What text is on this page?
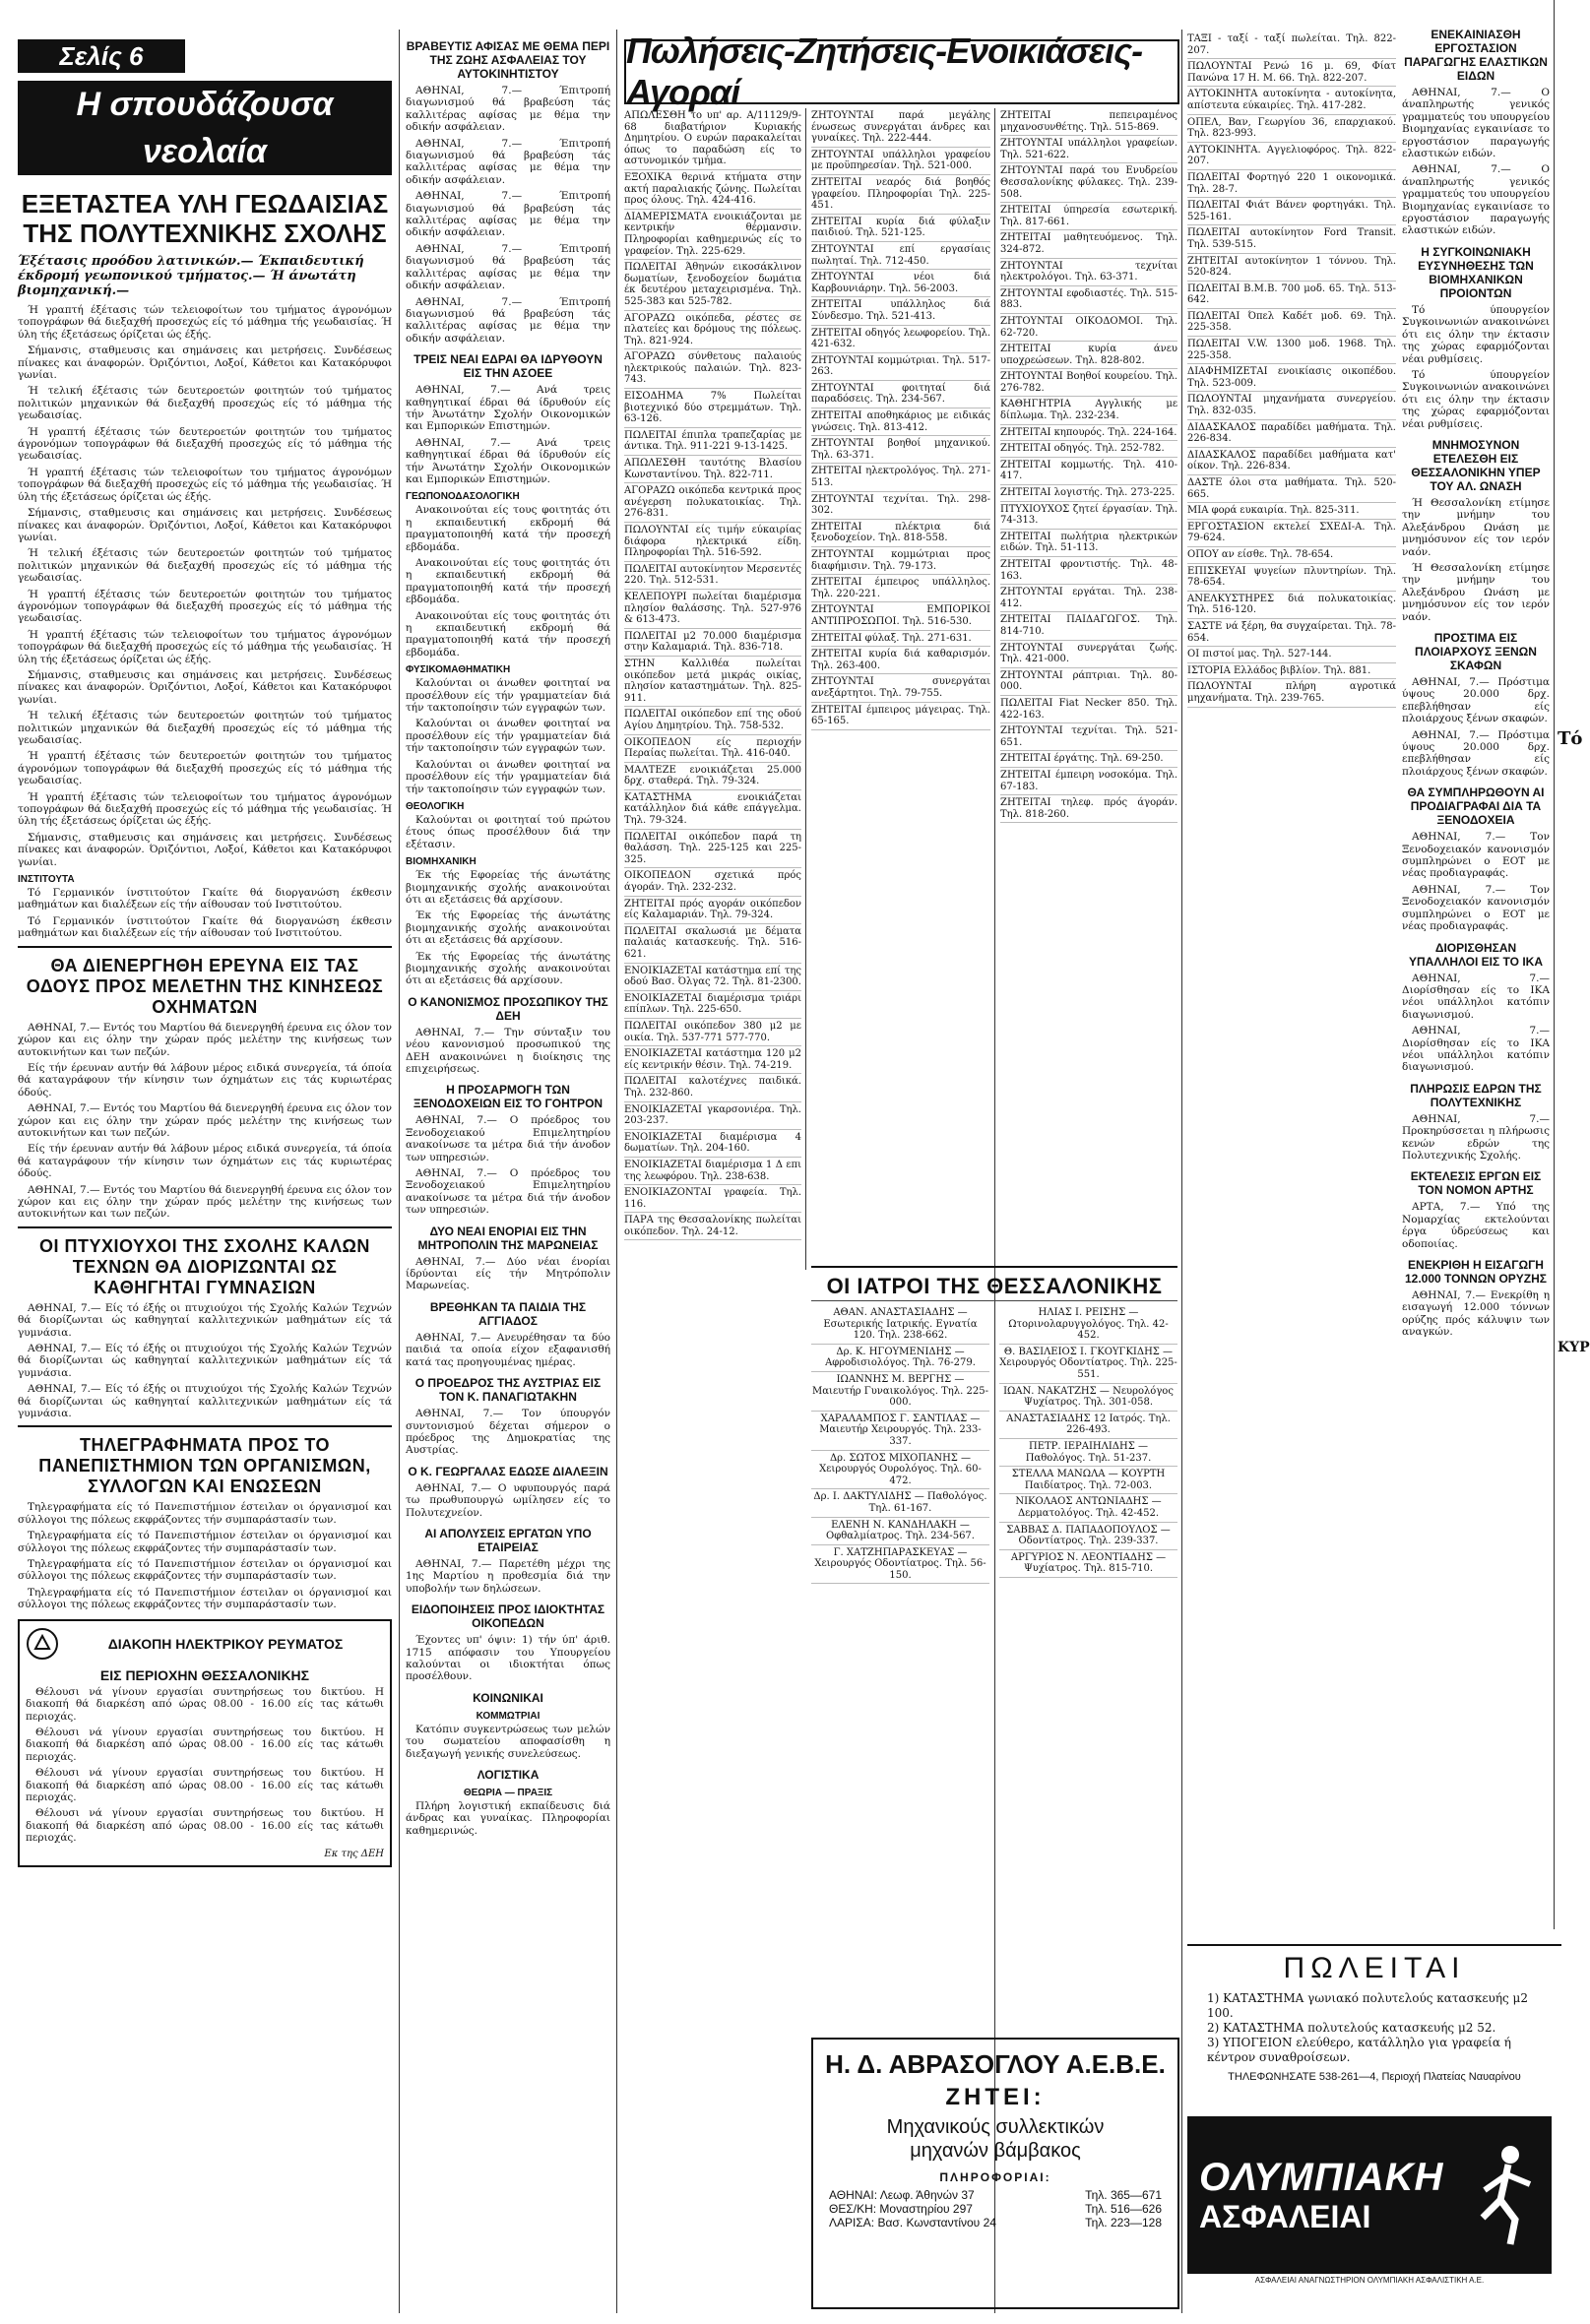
Σελίς 6
Η σπουδάζουσα νεολαία
ΕΞΕΤΑΣΤΕΑ ΥΛΗ ΓΕΩΔΑΙΣΙΑΣ ΤΗΣ ΠΟΛΥΤΕΧΝΙΚΗΣ ΣΧΟΛΗΣ
Έξέτασις προόδου λατινικών.— Έκπαιδευτική έκδρομή γεωπονικού τμήματος.— Ή άνωτάτη βιομηχανική.—

Ή γραπτή έξέτασις τών τελειοφοίτων του τμήματος άγρονόμων τοπογράφων θά διεξαχθή προσεχώς είς τό μάθημα τής γεωδαισίας. Ή ύλη τής έξετάσεως όρίζεται ώς έξής.

Σήμανσις, σταθμευσις και σημάνσεις και μετρήσεις. Συνδέσεως πίνακες και άναφορών. Όριζόντιοι, Λοξοί, Κάθετοι και Κατακόρυφοι γωνίαι.

Ή τελική έξέτασις τών δευτεροετών φοιτητών τού τμήματος πολιτικών μηχανικών θά διεξαχθή προσεχώς είς τό μάθημα τής γεωδαισίας.

Ή γραπτή έξέτασις τών δευτεροετών φοιτητών του τμήματος άγρονόμων τοπογράφων θά διεξαχθή προσεχώς είς τό μάθημα τής γεωδαισίας.

Ή γραπτή έξέτασις τών τελειοφοίτων του τμήματος άγρονόμων τοπογράφων θά διεξαχθή προσεχώς είς τό μάθημα τής γεωδαισίας. Ή ύλη τής έξετάσεως όρίζεται ώς έξής.

Σήμανσις, σταθμευσις και σημάνσεις και μετρήσεις. Συνδέσεως πίνακες και άναφορών. Όριζόντιοι, Λοξοί, Κάθετοι και Κατακόρυφοι γωνίαι.

Ή τελική έξέτασις τών δευτεροετών φοιτητών τού τμήματος πολιτικών μηχανικών θά διεξαχθή προσεχώς είς τό μάθημα τής γεωδαισίας.

Ή γραπτή έξέτασις τών δευτεροετών φοιτητών του τμήματος άγρονόμων τοπογράφων θά διεξαχθή προσεχώς είς τό μάθημα τής γεωδαισίας.

Ή γραπτή έξέτασις τών τελειοφοίτων του τμήματος άγρονόμων τοπογράφων θά διεξαχθή προσεχώς είς τό μάθημα τής γεωδαισίας. Ή ύλη τής έξετάσεως όρίζεται ώς έξής.

Σήμανσις, σταθμευσις και σημάνσεις και μετρήσεις. Συνδέσεως πίνακες και άναφορών. Όριζόντιοι, Λοξοί, Κάθετοι και Κατακόρυφοι γωνίαι.

Ή τελική έξέτασις τών δευτεροετών φοιτητών τού τμήματος πολιτικών μηχανικών θά διεξαχθή προσεχώς είς τό μάθημα τής γεωδαισίας.

Ή γραπτή έξέτασις τών δευτεροετών φοιτητών του τμήματος άγρονόμων τοπογράφων θά διεξαχθή προσεχώς είς τό μάθημα τής γεωδαισίας.

Ή γραπτή έξέτασις τών τελειοφοίτων του τμήματος άγρονόμων τοπογράφων θά διεξαχθή προσεχώς είς τό μάθημα τής γεωδαισίας. Ή ύλη τής έξετάσεως όρίζεται ώς έξής.

Σήμανσις, σταθμευσις και σημάνσεις και μετρήσεις. Συνδέσεως πίνακες και άναφορών. Όριζόντιοι, Λοξοί, Κάθετοι και Κατακόρυφοι γωνίαι.

ΙΝΣΤΙΤΟΥΤΑ

Τό Γερμανικόν ίνστιτούτον Γκαίτε θά διοργανώση έκθεσιν μαθημάτων και διαλέξεων είς τήν αίθουσαν τού Ινστιτούτου.

Τό Γερμανικόν ίνστιτούτον Γκαίτε θά διοργανώση έκθεσιν μαθημάτων και διαλέξεων είς τήν αίθουσαν τού Ινστιτούτου.

ΘΑ ΔΙΕΝΕΡΓΗΘΗ ΕΡΕΥΝΑ ΕΙΣ ΤΑΣ ΟΔΟΥΣ ΠΡΟΣ ΜΕΛΕΤΗΝ ΤΗΣ ΚΙΝΗΣΕΩΣ ΟΧΗΜΑΤΩΝ

ΑΘΗΝΑΙ, 7.— Εντός του Μαρτίου θά διενεργηθή έρευνα εις όλον τον χώρον και εις όλην την χώραν πρός μελέτην της κινήσεως των αυτοκινήτων και των πεζών.

Είς τήν έρευναν αυτήν θά λάβουν μέρος ειδικά συνεργεία, τά όποία θά καταγράφουν τήν κίνησιν των όχημάτων εις τάς κυριωτέρας όδούς.

ΑΘΗΝΑΙ, 7.— Εντός του Μαρτίου θά διενεργηθή έρευνα εις όλον τον χώρον και εις όλην την χώραν πρός μελέτην της κινήσεως των αυτοκινήτων και των πεζών.

Είς τήν έρευναν αυτήν θά λάβουν μέρος ειδικά συνεργεία, τά όποία θά καταγράφουν τήν κίνησιν των όχημάτων εις τάς κυριωτέρας όδούς.

ΑΘΗΝΑΙ, 7.— Εντός του Μαρτίου θά διενεργηθή έρευνα εις όλον τον χώρον και εις όλην την χώραν πρός μελέτην της κινήσεως των αυτοκινήτων και των πεζών.

ΟΙ ΠΤΥΧΙΟΥΧΟΙ ΤΗΣ ΣΧΟΛΗΣ ΚΑΛΩΝ ΤΕΧΝΩΝ ΘΑ ΔΙΟΡΙΖΩΝΤΑΙ ΩΣ ΚΑΘΗΓΗΤΑΙ ΓΥΜΝΑΣΙΩΝ

ΑΘΗΝΑΙ, 7.— Είς τό έξής οι πτυχιούχοι τής Σχολής Καλών Τεχνών θά διορίζωνται ώς καθηγηταί καλλιτεχνικών μαθημάτων είς τά γυμνάσια.

ΑΘΗΝΑΙ, 7.— Είς τό έξής οι πτυχιούχοι τής Σχολής Καλών Τεχνών θά διορίζωνται ώς καθηγηταί καλλιτεχνικών μαθημάτων είς τά γυμνάσια.

ΑΘΗΝΑΙ, 7.— Είς τό έξής οι πτυχιούχοι τής Σχολής Καλών Τεχνών θά διορίζωνται ώς καθηγηταί καλλιτεχνικών μαθημάτων είς τά γυμνάσια.

ΤΗΛΕΓΡΑΦΗΜΑΤΑ ΠΡΟΣ ΤΟ ΠΑΝΕΠΙΣΤΗΜΙΟΝ ΤΩΝ ΟΡΓΑΝΙΣΜΩΝ, ΣΥΛΛΟΓΩΝ ΚΑΙ ΕΝΩΣΕΩΝ

Τηλεγραφήματα είς τό Πανεπιστήμιον έστειλαν οι όργανισμοί και σύλλογοι της πόλεως εκφράζοντες τήν συμπαράστασίν των.

Τηλεγραφήματα είς τό Πανεπιστήμιον έστειλαν οι όργανισμοί και σύλλογοι της πόλεως εκφράζοντες τήν συμπαράστασίν των.

Τηλεγραφήματα είς τό Πανεπιστήμιον έστειλαν οι όργανισμοί και σύλλογοι της πόλεως εκφράζοντες τήν συμπαράστασίν των.

Τηλεγραφήματα είς τό Πανεπιστήμιον έστειλαν οι όργανισμοί και σύλλογοι της πόλεως εκφράζοντες τήν συμπαράστασίν των.

ΔΙΑΚΟΠΗ ΗΛΕΚΤΡΙΚΟΥ ΡΕΥΜΑΤΟΣ
ΕΙΣ ΠΕΡΙΟΧΗΝ ΘΕΣΣΑΛΟΝΙΚΗΣ

Θέλουσι νά γίνουν εργασίαι συντηρήσεως του δικτύου. Η διακοπή θά διαρκέση από ώρας 08.00 - 16.00 είς τας κάτωθι περιοχάς.

Θέλουσι νά γίνουν εργασίαι συντηρήσεως του δικτύου. Η διακοπή θά διαρκέση από ώρας 08.00 - 16.00 είς τας κάτωθι περιοχάς.

Θέλουσι νά γίνουν εργασίαι συντηρήσεως του δικτύου. Η διακοπή θά διαρκέση από ώρας 08.00 - 16.00 είς τας κάτωθι περιοχάς.

Θέλουσι νά γίνουν εργασίαι συντηρήσεως του δικτύου. Η διακοπή θά διαρκέση από ώρας 08.00 - 16.00 είς τας κάτωθι περιοχάς.

Εκ της ΔΕΗ
ΒΡΑΒΕΥΤΙΣ ΑΦΙΣΑΣ ΜΕ ΘΕΜΑ ΠΕΡΙ ΤΗΣ ΖΩΗΣ ΑΣΦΑΛΕΙΑΣ ΤΟΥ ΑΥΤΟΚΙΝΗΤΙΣΤΟΥ

ΑΘΗΝΑΙ, 7.— Έπιτροπή διαγωνισμού θά βραβεύση τάς καλλιτέρας αφίσας με θέμα την οδικήν ασφάλειαν.

ΑΘΗΝΑΙ, 7.— Έπιτροπή διαγωνισμού θά βραβεύση τάς καλλιτέρας αφίσας με θέμα την οδικήν ασφάλειαν.

ΑΘΗΝΑΙ, 7.— Έπιτροπή διαγωνισμού θά βραβεύση τάς καλλιτέρας αφίσας με θέμα την οδικήν ασφάλειαν.

ΑΘΗΝΑΙ, 7.— Έπιτροπή διαγωνισμού θά βραβεύση τάς καλλιτέρας αφίσας με θέμα την οδικήν ασφάλειαν.

ΑΘΗΝΑΙ, 7.— Έπιτροπή διαγωνισμού θά βραβεύση τάς καλλιτέρας αφίσας με θέμα την οδικήν ασφάλειαν.

ΤΡΕΙΣ ΝΕΑΙ ΕΔΡΑΙ ΘΑ ΙΔΡΥΘΟΥΝ ΕΙΣ ΤΗΝ ΑΣΟΕΕ

ΑΘΗΝΑΙ, 7.— Ανά τρεις καθηγητικαί έδραι θά ίδρυθούν είς τήν Άνωτάτην Σχολήν Οικονομικών και Εμπορικών Επιστημών.

ΑΘΗΝΑΙ, 7.— Ανά τρεις καθηγητικαί έδραι θά ίδρυθούν είς τήν Άνωτάτην Σχολήν Οικονομικών και Εμπορικών Επιστημών.

ΓΕΩΠΟΝΟΔΑΣΟΛΟΓΙΚΗ

Ανακοινούται είς τους φοιτητάς ότι η εκπαιδευτική εκδρομή θά πραγματοποιηθή κατά τήν προσεχή εβδομάδα.

Ανακοινούται είς τους φοιτητάς ότι η εκπαιδευτική εκδρομή θά πραγματοποιηθή κατά τήν προσεχή εβδομάδα.

Ανακοινούται είς τους φοιτητάς ότι η εκπαιδευτική εκδρομή θά πραγματοποιηθή κατά τήν προσεχή εβδομάδα.

ΦΥΣΙΚΟΜΑΘΗΜΑΤΙΚΗ

Καλούνται οι άνωθεν φοιτηταί να προσέλθουν είς τήν γραμματείαν διά τήν τακτοποίησιν τών εγγραφών των.

Καλούνται οι άνωθεν φοιτηταί να προσέλθουν είς τήν γραμματείαν διά τήν τακτοποίησιν τών εγγραφών των.

Καλούνται οι άνωθεν φοιτηταί να προσέλθουν είς τήν γραμματείαν διά τήν τακτοποίησιν τών εγγραφών των.

ΘΕΟΛΟΓΙΚΗ

Καλούνται οι φοιτηταί τού πρώτου έτους όπως προσέλθουν διά την εξέτασιν.

ΒΙΟΜΗΧΑΝΙΚΗ

Έκ τής Εφορείας τής άνωτάτης βιομηχανικής σχολής ανακοινούται ότι αι εξετάσεις θά αρχίσουν.

Έκ τής Εφορείας τής άνωτάτης βιομηχανικής σχολής ανακοινούται ότι αι εξετάσεις θά αρχίσουν.

Έκ τής Εφορείας τής άνωτάτης βιομηχανικής σχολής ανακοινούται ότι αι εξετάσεις θά αρχίσουν.

Ο ΚΑΝΟΝΙΣΜΟΣ ΠΡΟΣΩΠΙΚΟΥ ΤΗΣ ΔΕΗ

ΑΘΗΝΑΙ, 7.— Την σύνταξιν του νέου κανονισμού προσωπικού της ΔΕΗ ανακοινώνει η διοίκησις της επιχειρήσεως.

Η ΠΡΟΣΑΡΜΟΓΗ ΤΩΝ ΞΕΝΟΔΟΧΕΙΩΝ ΕΙΣ ΤΟ ΓΟΗΤΡΟΝ

ΑΘΗΝΑΙ, 7.— Ο πρόεδρος του Ξενοδοχειακού Επιμελητηρίου ανακοίνωσε τα μέτρα διά τήν άνοδον των υπηρεσιών.

ΑΘΗΝΑΙ, 7.— Ο πρόεδρος του Ξενοδοχειακού Επιμελητηρίου ανακοίνωσε τα μέτρα διά τήν άνοδον των υπηρεσιών.

ΔΥΟ ΝΕΑΙ ΕΝΟΡΙΑΙ ΕΙΣ ΤΗΝ ΜΗΤΡΟΠΟΛΙΝ ΤΗΣ ΜΑΡΩΝΕΙΑΣ

ΑΘΗΝΑΙ, 7.— Δύο νέαι ένορίαι ίδρύονται είς τήν Μητρόπολιν Μαρωνείας.

ΒΡΕΘΗΚΑΝ ΤΑ ΠΑΙΔΙΑ ΤΗΣ ΑΓΓΙΑΔΟΣ

ΑΘΗΝΑΙ, 7.— Ανευρέθησαν τα δύο παιδιά τα οποία είχον εξαφανισθή κατά τας προηγουμένας ημέρας.

Ο ΠΡΟΕΔΡΟΣ ΤΗΣ ΑΥΣΤΡΙΑΣ ΕΙΣ ΤΟΝ Κ. ΠΑΝΑΓΙΩΤΑΚΗΝ

ΑΘΗΝΑΙ, 7.— Τον ύπουργόν συντονισμού δέχεται σήμερον ο πρόεδρος της Δημοκρατίας της Αυστρίας.

Ο Κ. ΓΕΩΡΓΑΛΑΣ ΕΔΩΣΕ ΔΙΑΛΕΞΙΝ

ΑΘΗΝΑΙ, 7.— Ο υφυπουργός παρά τω πρωθυπουργώ ωμίλησεν είς το Πολυτεχνείον.

ΑΙ ΑΠΟΛΥΣΕΙΣ ΕΡΓΑΤΩΝ ΥΠΟ ΕΤΑΙΡΕΙΑΣ

ΑΘΗΝΑΙ, 7.— Παρετέθη μέχρι της 1ης Μαρτίου η προθεσμία διά την υποβολήν των δηλώσεων.

ΕΙΔΟΠΟΙΗΣΕΙΣ ΠΡΟΣ ΙΔΙΟΚΤΗΤΑΣ ΟΙΚΟΠΕΔΩΝ

Έχοντες υπ' όψιν: 1) τήν ύπ' άριθ. 1715 απόφασιν του Υπουργείου καλούνται οι ιδιοκτήται όπως προσέλθουν.

ΚΟΙΝΩΝΙΚΑΙ
ΚΟΜΜΩΤΡΙΑΙ

Κατόπιν συγκεντρώσεως των μελών του σωματείου αποφασίσθη η διεξαγωγή γενικής συνελεύσεως.

ΛΟΓΙΣΤΙΚΑ
ΘΕΩΡΙΑ — ΠΡΑΞΙΣ

Πλήρη λογιστική εκπαίδευσις διά άνδρας και γυναίκας. Πληροφορίαι καθημερινώς.

Πωλήσεις-Ζητήσεις-Ενοικιάσεις-Αγοραί

ΑΠΩΛΕΣΘΗ το υπ' αρ. Α/11129/9-68 διαβατήριον Κυριακής Δημητρίου. Ο ευρών παρακαλείται όπως το παραδώση είς το αστυνομικόν τμήμα.

ΕΞΟΧΙΚΑ θερινά κτήματα στην ακτή παραλιακής ζώνης. Πωλείται προς όλους. Τηλ. 424-416.

ΔΙΑΜΕΡΙΣΜΑΤΑ ενοικιάζονται με κεντρικήν θέρμανσιν. Πληροφορίαι καθημερινώς είς το γραφείον. Τηλ. 225-629.

ΠΩΛΕΙΤΑΙ Άθηνών εικοσάκλινον δωματίων, ξενοδοχείον δωμάτια έκ δευτέρου μεταχειρισμένα. Τηλ. 525-383 και 525-782.

ΑΓΟΡΑΖΩ οικόπεδα, ρέστες σε πλατείες και δρόμους της πόλεως. Τηλ. 821-924.

ΑΓΟΡΑΖΩ σύνθετους παλαιούς ηλεκτρικούς παλαιών. Τηλ. 823-743.

ΕΙΣΟΔΗΜΑ 7% Πωλείται βιοτεχνικό δύο στρεμμάτων. Τηλ. 63-126.

ΠΩΛΕΙΤΑΙ έπιπλα τραπεζαρίας με άντικα. Τηλ. 911-221 9-13-1425.

ΑΠΩΛΕΣΘΗ ταυτότης Βλασίου Κωνσταντίνου. Τηλ. 822-711.

ΑΓΟΡΑΖΩ οικόπεδα κεντρικά προς ανέγερση πολυκατοικίας. Τηλ. 276-831.

ΠΩΛΟΥΝΤΑΙ είς τιμήν εύκαιρίας διάφορα ηλεκτρικά είδη. Πληροφορίαι Τηλ. 516-592.

ΠΩΛΕΙΤΑΙ αυτοκίνητον Μερσεντές 220. Τηλ. 512-531.

ΚΕΛΕΠΟΥΡΙ πωλείται διαμέρισμα πλησίον θαλάσσης. Τηλ. 527-976 & 613-473.

ΠΩΛΕΙΤΑΙ μ2 70.000 διαμέρισμα στην Καλαμαριά. Τηλ. 836-718.

ΣΤΗΝ Καλλιθέα πωλείται οικόπεδον μετά μικράς οικίας, πλησίον καταστημάτων. Τηλ. 825-911.

ΠΩΛΕΙΤΑΙ οικόπεδον επί της οδού Αγίου Δημητρίου. Τηλ. 758-532.

ΟΙΚΟΠΕΔΟΝ είς περιοχήν Περαίας πωλείται. Τηλ. 416-040.

ΜΑΛΤΕΖΕ ενοικιάζεται 25.000 δρχ. σταθερά. Τηλ. 79-324.

ΚΑΤΑΣΤΗΜΑ ενοικιάζεται κατάλληλον διά κάθε επάγγελμα. Τηλ. 79-324.

ΠΩΛΕΙΤΑΙ οικόπεδον παρά τη θαλάσση. Τηλ. 225-125 και 225-325.

ΟΙΚΟΠΕΔΟΝ σχετικά πρός άγοράν. Τηλ. 232-232.

ΖΗΤΕΙΤΑΙ πρός αγοράν οικόπεδον είς Καλαμαριάν. Τηλ. 79-324.

ΠΩΛΕΙΤΑΙ σκαλωσιά με δέματα παλαιάς κατασκευής. Τηλ. 516-621.

ΕΝΟΙΚΙΑΖΕΤΑΙ κατάστημα επί της οδού Βασ. Όλγας 72. Τηλ. 81-2300.

ΕΝΟΙΚΙΑΖΕΤΑΙ διαμέρισμα τριάρι επίπλων. Τηλ. 225-650.

ΠΩΛΕΙΤΑΙ οικόπεδον 380 μ2 με οικία. Τηλ. 537-771 577-770.

ΕΝΟΙΚΙΑΖΕΤΑΙ κατάστημα 120 μ2 είς κεντρικήν θέσιν. Τηλ. 74-219.

ΠΩΛΕΙΤΑΙ καλοτέχνες παιδικά. Τηλ. 232-860.

ΕΝΟΙΚΙΑΖΕΤΑΙ γκαρσονιέρα. Τηλ. 203-237.

ΕΝΟΙΚΙΑΖΕΤΑΙ διαμέρισμα 4 δωματίων. Τηλ. 204-160.

ΕΝΟΙΚΙΑΖΕΤΑΙ διαμέρισμα 1 Δ επι της λεωφόρου. Τηλ. 238-638.

ΕΝΟΙΚΙΑΖΟΝΤΑΙ γραφεία. Τηλ. 116.

ΠΑΡΑ της Θεσσαλονίκης πωλείται οικόπεδον. Τηλ. 24-12.

ΖΗΤΟΥΝΤΑΙ παρά μεγάλης ένωσεως συνεργάται άνδρες και γυναίκες. Τηλ. 222-444.

ΖΗΤΟΥΝΤΑΙ υπάλληλοι γραφείου με προϋπηρεσίαν. Τηλ. 521-000.

ΖΗΤΕΙΤΑΙ νεαρός διά βοηθός γραφείου. Πληροφορίαι Τηλ. 225-451.

ΖΗΤΕΙΤΑΙ κυρία διά φύλαξιν παιδιού. Τηλ. 521-125.

ΖΗΤΟΥΝΤΑΙ επί εργασίαις πωληταί. Τηλ. 712-450.

ΖΗΤΟΥΝΤΑΙ νέοι διά Καρβουνιάρην. Τηλ. 56-2003.

ΖΗΤΕΙΤΑΙ υπάλληλος διά Σύνδεσμο. Τηλ. 521-413.

ΖΗΤΕΙΤΑΙ οδηγός λεωφορείου. Τηλ. 421-632.

ΖΗΤΟΥΝΤΑΙ κομμώτριαι. Τηλ. 517-263.

ΖΗΤΟΥΝΤΑΙ φοιτηταί διά παραδόσεις. Τηλ. 234-567.

ΖΗΤΕΙΤΑΙ αποθηκάριος με ειδικάς γνώσεις. Τηλ. 813-412.

ΖΗΤΟΥΝΤΑΙ βοηθοί μηχανικού. Τηλ. 63-371.

ΖΗΤΕΙΤΑΙ ηλεκτρολόγος. Τηλ. 271-513.

ΖΗΤΟΥΝΤΑΙ τεχνίται. Τηλ. 298-302.

ΖΗΤΕΙΤΑΙ πλέκτρια διά ξενοδοχείον. Τηλ. 818-558.

ΖΗΤΟΥΝΤΑΙ κομμώτριαι προς διαφήμισιν. Τηλ. 79-173.

ΖΗΤΕΙΤΑΙ έμπειρος υπάλληλος. Τηλ. 220-221.

ΖΗΤΟΥΝΤΑΙ ΕΜΠΟΡΙΚΟΙ ΑΝΤΙΠΡΟΣΩΠΟΙ. Τηλ. 516-530.

ΖΗΤΕΙΤΑΙ φύλαξ. Τηλ. 271-631.

ΖΗΤΕΙΤΑΙ κυρία διά καθαρισμόν. Τηλ. 263-400.

ΖΗΤΟΥΝΤΑΙ συνεργάται ανεξάρτητοι. Τηλ. 79-755.

ΖΗΤΕΙΤΑΙ έμπειρος μάγειρας. Τηλ. 65-165.

ΖΗΤΕΙΤΑΙ πεπειραμένος μηχανοσυνθέτης. Τηλ. 515-869.

ΖΗΤΟΥΝΤΑΙ υπάλληλοι γραφείων. Τηλ. 521-622.

ΖΗΤΟΥΝΤΑΙ παρά του Ενυδρείου Θεσσαλονίκης φύλακες. Τηλ. 239-508.

ΖΗΤΕΙΤΑΙ ύπηρεσία εσωτερική. Τηλ. 817-661.

ΖΗΤΕΙΤΑΙ μαθητευόμενος. Τηλ. 324-872.

ΖΗΤΟΥΝΤΑΙ τεχνίται ηλεκτρολόγοι. Τηλ. 63-371.

ΖΗΤΟΥΝΤΑΙ εφοδιαστές. Τηλ. 515-883.

ΖΗΤΟΥΝΤΑΙ ΟΙΚΟΔΟΜΟΙ. Τηλ. 62-720.

ΖΗΤΕΙΤΑΙ κυρία άνευ υποχρεώσεων. Τηλ. 828-802.

ΖΗΤΟΥΝΤΑΙ Βοηθοί κουρείου. Τηλ. 276-782.

ΚΑΘΗΓΗΤΡΙΑ Αγγλικής με δίπλωμα. Τηλ. 232-234.

ΖΗΤΕΙΤΑΙ κηπουρός. Τηλ. 224-164.

ΖΗΤΕΙΤΑΙ οδηγός. Τηλ. 252-782.

ΖΗΤΕΙΤΑΙ κομμωτής. Τηλ. 410-417.

ΖΗΤΕΙΤΑΙ λογιστής. Τηλ. 273-225.

ΠΤΥΧΙΟΥΧΟΣ ζητεί έργασίαν. Τηλ. 74-313.

ΖΗΤΕΙΤΑΙ πωλήτρια ηλεκτρικών ειδών. Τηλ. 51-113.

ΖΗΤΕΙΤΑΙ φροντιστής. Τηλ. 48-163.

ΖΗΤΟΥΝΤΑΙ εργάται. Τηλ. 238-412.

ΖΗΤΕΙΤΑΙ ΠΑΙΔΑΓΩΓΟΣ. Τηλ. 814-710.

ΖΗΤΟΥΝΤΑΙ συνεργάται ζωής. Τηλ. 421-000.

ΖΗΤΟΥΝΤΑΙ ράπτριαι. Τηλ. 80-000.

ΠΩΛΕΙΤΑΙ Fiat Necker 850. Τηλ. 422-163.

ΖΗΤΟΥΝΤΑΙ τεχνίται. Τηλ. 521-651.

ΖΗΤΕΙΤΑΙ έργάτης. Τηλ. 69-250.

ΖΗΤΕΙΤΑΙ έμπειρη νοσοκόμα. Τηλ. 67-183.

ΖΗΤΕΙΤΑΙ τηλεφ. πρός άγοράν. Τηλ. 818-260.

ΟΙ ΙΑΤΡΟΙ ΤΗΣ ΘΕΣΣΑΛΟΝΙΚΗΣ

ΑΘΑΝ. ΑΝΑΣΤΑΣΙΑΔΗΣ — Εσωτερικής Ιατρικής. Εγνατία 120. Τηλ. 238-662.

Δρ. Κ. ΗΓΟΥΜΕΝΙΔΗΣ — Αφροδισιολόγος. Τηλ. 76-279.

ΙΩΑΝΝΗΣ Μ. ΒΕΡΓΗΣ — Μαιευτήρ Γυναικολόγος. Τηλ. 225-000.

ΧΑΡΑΛΑΜΠΟΣ Γ. ΣΑΝΤΙΛΑΣ — Μαιευτήρ Χειρουργός. Τηλ. 233-337.

Δρ. ΣΩΤΟΣ ΜΙΧΟΠΑΝΗΣ — Χειρουργός Ουρολόγος. Τηλ. 60-472.

Δρ. Ι. ΔΑΚΤΥΛΙΔΗΣ — Παθολόγος. Τηλ. 61-167.

ΕΛΕΝΗ Ν. ΚΑΝΔΗΛΑΚΗ — Οφθαλμίατρος. Τηλ. 234-567.

Γ. ΧΑΤΖΗΠΑΡΑΣΚΕΥΑΣ — Χειρουργός Οδοντίατρος. Τηλ. 56-150.

ΗΛΙΑΣ Ι. ΡΕΙΣΗΣ — Ωτορινολαρυγγολόγος. Τηλ. 42-452.

Θ. ΒΑΣΙΛΕΙΟΣ Ι. ΓΚΟΥΓΚΙΔΗΣ — Χειρουργός Οδοντίατρος. Τηλ. 225-551.

ΙΩΑΝ. ΝΑΚΑΤΖΗΣ — Νευρολόγος Ψυχίατρος. Τηλ. 301-058.

ΑΝΑΣΤΑΣΙΑΔΗΣ 12 Ιατρός. Τηλ. 226-493.

ΠΕΤΡ. ΙΕΡΑΙΗΛΙΔΗΣ — Παθολόγος. Τηλ. 51-237.

ΣΤΕΛΛΑ ΜΑΝΩΛΑ — ΚΟΥΡΤΗ Παιδίατρος. Τηλ. 72-003.

ΝΙΚΟΛΑΟΣ ΑΝΤΩΝΙΑΔΗΣ — Δερματολόγος. Τηλ. 42-452.

ΣΑΒΒΑΣ Δ. ΠΑΠΑΔΟΠΟΥΛΟΣ — Οδοντίατρος. Τηλ. 239-337.

ΑΡΓΥΡΙΟΣ Ν. ΛΕΟΝΤΙΑΔΗΣ — Ψυχίατρος. Τηλ. 815-710.

Η. Δ. ΑΒΡΑΣΟΓΛΟΥ Α.Ε.Β.Ε.
ΖΗΤΕΙ:
Μηχανικούς συλλεκτικών μηχανών βάμβακος
ΠΛΗΡΟΦΟΡΙΑΙ:
ΑΘΗΝΑΙ: Λεωφ. Άθηνών 37	Τηλ. 365—671
ΘΕΣ/ΚΗ: Μοναστηρίου 297	Τηλ. 516—626
ΛΑΡΙΣΑ: Βασ. Κωνσταντίνου 24	Τηλ. 223—128

ΤΑΞΙ - ταξί - ταξί πωλείται. Τηλ. 822-207.

ΠΩΛΟΥΝΤΑΙ Ρενώ 16 μ. 69, Φίατ Πανώνα 17 Η. Μ. 66. Τηλ. 822-207.

ΑΥΤΟΚΙΝΗΤΑ αυτοκίνητα - αυτοκίνητα, απίστευτα εύκαιρίες. Τηλ. 417-282.

ΟΠΕΛ, Βαν, Γεωργίου 36, επαρχιακού. Τηλ. 823-993.

ΑΥΤΟΚΙΝΗΤΑ. Αγγελιοφόρος. Τηλ. 822-207.

ΠΩΛΕΙΤΑΙ Φορτηγό 220 1 οικονομικά. Τηλ. 28-7.

ΠΩΛΕΙΤΑΙ Φιάτ Βάνεν φορτηγάκι. Τηλ. 525-161.

ΠΩΛΕΙΤΑΙ αυτοκίνητον Ford Transit. Τηλ. 539-515.

ΖΗΤΕΙΤΑΙ αυτοκίνητον 1 τόννου. Τηλ. 520-824.

ΠΩΛΕΙΤΑΙ Β.Μ.Β. 700 μοδ. 65. Τηλ. 513-642.

ΠΩΛΕΙΤΑΙ Όπελ Καδέτ μοδ. 69. Τηλ. 225-358.

ΠΩΛΕΙΤΑΙ V.W. 1300 μοδ. 1968. Τηλ. 225-358.

ΔΙΑΦΗΜΙΖΕΤΑΙ ενοικίασις οικοπέδου. Τηλ. 523-009.

ΠΩΛΟΥΝΤΑΙ μηχανήματα συνεργείου. Τηλ. 832-035.

ΔΙΔΑΣΚΑΛΟΣ παραδίδει μαθήματα. Τηλ. 226-834.

ΔΙΔΑΣΚΑΛΟΣ παραδίδει μαθήματα κατ' οίκον. Τηλ. 226-834.

ΔΑΣΤΕ όλοι στα μαθήματα. Τηλ. 520-665.

ΜΙΑ φορά ευκαιρία. Τηλ. 825-311.

ΕΡΓΟΣΤΑΣΙΟΝ εκτελεί ΣΧΕΔΙ-Α. Τηλ. 79-624.

ΟΠΟΥ αν είσθε. Τηλ. 78-654.

ΕΠΙΣΚΕΥΑΙ ψυγείων πλυντηρίων. Τηλ. 78-654.

ΑΝΕΛΚΥΣΤΗΡΕΣ διά πολυκατοικίας. Τηλ. 516-120.

ΣΑΣΤΕ νά ξέρη, θα συγχαίρεται. Τηλ. 78-654.

ΟΙ πιστοί μας. Τηλ. 527-144.

ΙΣΤΟΡΙΑ Ελλάδος βιβλίον. Τηλ. 881.

ΠΩΛΟΥΝΤΑΙ πλήρη αγροτικά μηχανήματα. Τηλ. 239-765.

ΕΝΕΚΑΙΝΙΑΣΘΗ ΕΡΓΟΣΤΑΣΙΟΝ ΠΑΡΑΓΩΓΗΣ ΕΛΑΣΤΙΚΩΝ ΕΙΔΩΝ

ΑΘΗΝΑΙ, 7.— Ο άναπληρωτής γενικός γραμματεύς του υπουργείου Βιομηχανίας εγκαινίασε το εργοστάσιον παραγωγής ελαστικών ειδών.

ΑΘΗΝΑΙ, 7.— Ο άναπληρωτής γενικός γραμματεύς του υπουργείου Βιομηχανίας εγκαινίασε το εργοστάσιον παραγωγής ελαστικών ειδών.

Η ΣΥΓΚΟΙΝΩΝΙΑΚΗ ΕΥΣΥΝΗΘΕΣΗΣ ΤΩΝ ΒΙΟΜΗΧΑΝΙΚΩΝ ΠΡΟΙΟΝΤΩΝ

Τό ύπουργείον Συγκοινωνιών ανακοινώνει ότι εις όλην την έκτασιν της χώρας εφαρμόζονται νέαι ρυθμίσεις.

Τό ύπουργείον Συγκοινωνιών ανακοινώνει ότι εις όλην την έκτασιν της χώρας εφαρμόζονται νέαι ρυθμίσεις.

ΜΝΗΜΟΣΥΝΟΝ ΕΤΕΛΕΣΘΗ ΕΙΣ ΘΕΣΣΑΛΟΝΙΚΗΝ ΥΠΕΡ ΤΟΥ ΑΛ. ΩΝΑΣΗ

Ή Θεσσαλονίκη ετίμησε την μνήμην του Αλεξάνδρου Ωνάση με μνημόσυνον είς τον ιερόν ναόν.

Ή Θεσσαλονίκη ετίμησε την μνήμην του Αλεξάνδρου Ωνάση με μνημόσυνον είς τον ιερόν ναόν.

ΠΡΟΣΤΙΜΑ ΕΙΣ ΠΛΟΙΑΡΧΟΥΣ ΞΕΝΩΝ ΣΚΑΦΩΝ

ΑΘΗΝΑΙ, 7.— Πρόστιμα ύψους 20.000 δρχ. επεβλήθησαν είς πλοιάρχους ξένων σκαφών.

ΑΘΗΝΑΙ, 7.— Πρόστιμα ύψους 20.000 δρχ. επεβλήθησαν είς πλοιάρχους ξένων σκαφών.

ΘΑ ΣΥΜΠΛΗΡΩΘΟΥΝ ΑΙ ΠΡΟΔΙΑΓΡΑΦΑΙ ΔΙΑ ΤΑ ΞΕΝΟΔΟΧΕΙΑ

ΑΘΗΝΑΙ, 7.— Τον Ξενοδοχειακόν κανονισμόν συμπληρώνει ο ΕΟΤ με νέας προδιαγραφάς.

ΑΘΗΝΑΙ, 7.— Τον Ξενοδοχειακόν κανονισμόν συμπληρώνει ο ΕΟΤ με νέας προδιαγραφάς.

ΔΙΟΡΙΣΘΗΣΑΝ ΥΠΑΛΛΗΛΟΙ ΕΙΣ ΤΟ ΙΚΑ

ΑΘΗΝΑΙ, 7.— Διορίσθησαν είς το ΙΚΑ νέοι υπάλληλοι κατόπιν διαγωνισμού.

ΑΘΗΝΑΙ, 7.— Διορίσθησαν είς το ΙΚΑ νέοι υπάλληλοι κατόπιν διαγωνισμού.

ΠΛΗΡΩΣΙΣ ΕΔΡΩΝ ΤΗΣ ΠΟΛΥΤΕΧΝΙΚΗΣ

ΑΘΗΝΑΙ, 7.— Προκηρύσσεται η πλήρωσις κενών εδρών της Πολυτεχνικής Σχολής.

ΕΚΤΕΛΕΣΙΣ ΕΡΓΩΝ ΕΙΣ ΤΟΝ ΝΟΜΟΝ ΑΡΤΗΣ

ΑΡΤΑ, 7.— Υπό της Νομαρχίας εκτελούνται έργα ύδρεύσεως και οδοποιίας.

ΕΝΕΚΡΙΘΗ Η ΕΙΣΑΓΩΓΗ 12.000 ΤΟΝΝΩΝ ΟΡΥΖΗΣ

ΑΘΗΝΑΙ, 7.— Ενεκρίθη η εισαγωγή 12.000 τόννων ορύζης πρός κάλυψιν των αναγκών.

Τό
ΚΥΡ
ΠΩΛΕΙΤΑΙ
1) ΚΑΤΑΣΤΗΜΑ γωνιακό πολυτελούς κατασκευής μ2 100.
2) ΚΑΤΑΣΤΗΜΑ πολυτελούς κατασκευής μ2 52.
3) ΥΠΟΓΕΙΟΝ ελεύθερο, κατάλληλο για γραφεία ή κέντρον συναθροίσεων.
ΤΗΛΕΦΩΝΗΣΑΤΕ 538-261—4, Περιοχή Πλατείας Ναυαρίνου
ΟΛΥΜΠΙΑΚΗ
ΑΣΦΑΛΕΙΑΙ
ΑΣΦΑΛΕΙΑΙ ΑΝΑΓΝΩΣΤΗΡΙΟΝ ΟΛΥΜΠΙΑΚΗ ΑΣΦΑΛΙΣΤΙΚΗ Α.Ε.
